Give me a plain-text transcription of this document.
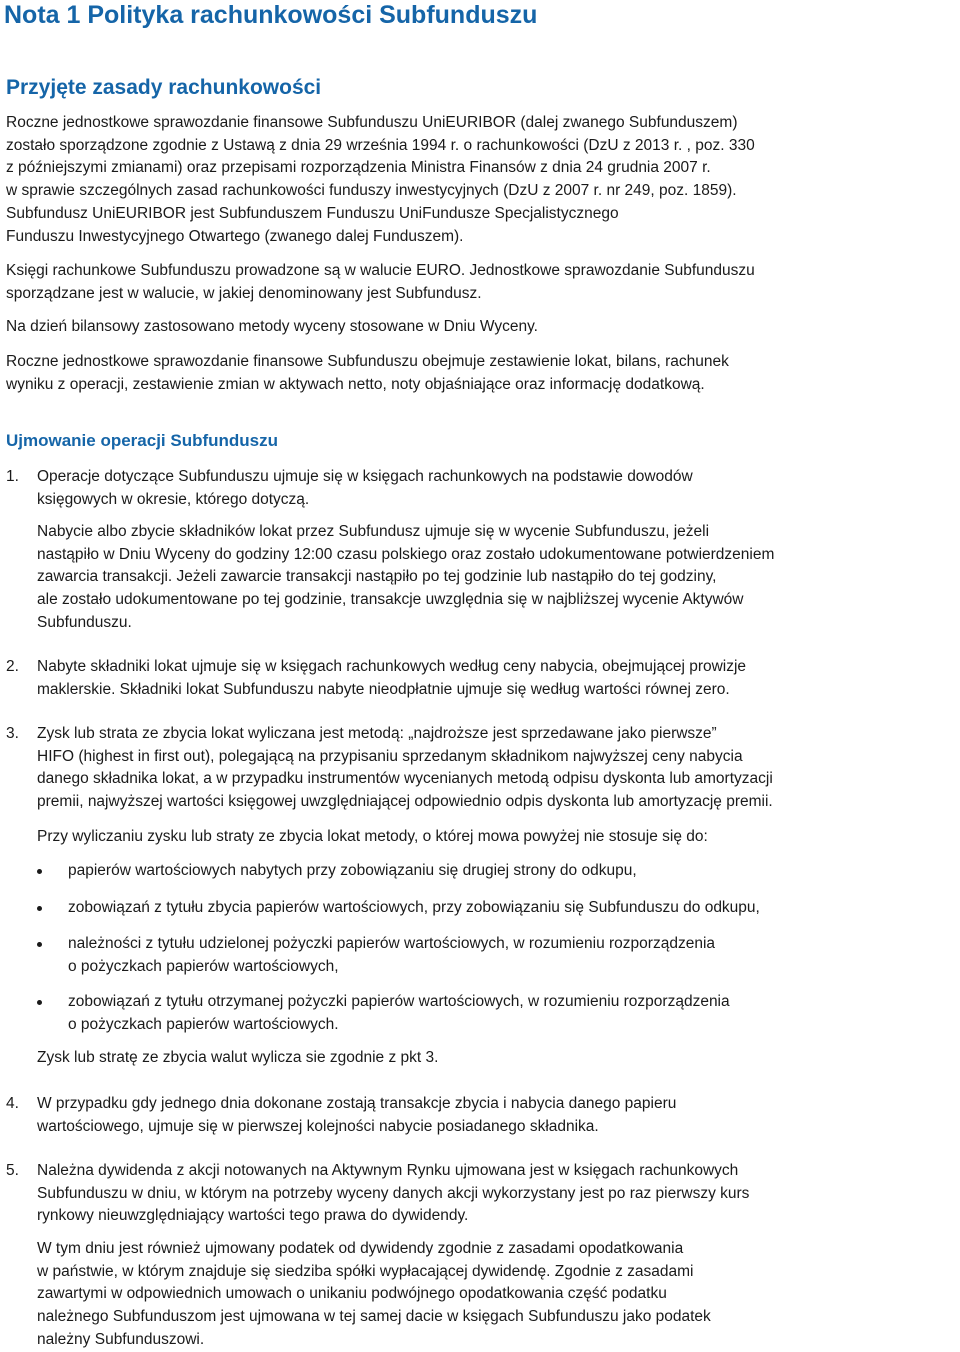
Nota 1 Polityka rachunkowości Subfunduszu
Przyjęte zasady rachunkowości

Roczne jednostkowe sprawozdanie finansowe Subfunduszu UniEURIBOR (dalej zwanego Subfunduszem)
zostało sporządzone zgodnie z Ustawą z dnia 29 września 1994 r. o rachunkowości (DzU z 2013 r. , poz. 330
z późniejszymi zmianami) oraz przepisami rozporządzenia Ministra Finansów z dnia 24 grudnia 2007 r.
w sprawie szczególnych zasad rachunkowości funduszy inwestycyjnych (DzU z 2007 r. nr 249, poz. 1859).
Subfundusz UniEURIBOR jest Subfunduszem Funduszu UniFundusze Specjalistycznego
Funduszu Inwestycyjnego Otwartego (zwanego dalej Funduszem).

Księgi rachunkowe Subfunduszu prowadzone są w walucie EURO. Jednostkowe sprawozdanie Subfunduszu
sporządzane jest w walucie, w jakiej denominowany jest Subfundusz.

Na dzień bilansowy zastosowano metody wyceny stosowane w Dniu Wyceny.

Roczne jednostkowe sprawozdanie finansowe Subfunduszu obejmuje zestawienie lokat, bilans, rachunek
wyniku z operacji, zestawienie zmian w aktywach netto, noty objaśniające oraz informację dodatkową.

Ujmowanie operacji Subfunduszu
1. Operacje dotyczące Subfunduszu ujmuje się w księgach rachunkowych na podstawie dowodów
księgowych w okresie, którego dotyczą.

Nabycie albo zbycie składników lokat przez Subfundusz ujmuje się w wycenie Subfunduszu, jeżeli
nastąpiło w Dniu Wyceny do godziny 12:00 czasu polskiego oraz zostało udokumentowane potwierdzeniem
zawarcia transakcji. Jeżeli zawarcie transakcji nastąpiło po tej godzinie lub nastąpiło do tej godziny,
ale zostało udokumentowane po tej godzinie, transakcje uwzględnia się w najbliższej wycenie Aktywów
Subfunduszu.

2. Nabyte składniki lokat ujmuje się w księgach rachunkowych według ceny nabycia, obejmującej prowizje
maklerskie. Składniki lokat Subfunduszu nabyte nieodpłatnie ujmuje się według wartości równej zero.

3. Zysk lub strata ze zbycia lokat wyliczana jest metodą: „najdroższe jest sprzedawane jako pierwsze”
HIFO (highest in first out), polegającą na przypisaniu sprzedanym składnikom najwyższej ceny nabycia
danego składnika lokat, a w przypadku instrumentów wycenianych metodą odpisu dyskonta lub amortyzacji
premii, najwyższej wartości księgowej uwzględniającej odpowiednio odpis dyskonta lub amortyzację premii.

Przy wyliczaniu zysku lub straty ze zbycia lokat metody, o której mowa powyżej nie stosuje się do:

papierów wartościowych nabytych przy zobowiązaniu się drugiej strony do odkupu,

zobowiązań z tytułu zbycia papierów wartościowych, przy zobowiązaniu się Subfunduszu do odkupu,

należności z tytułu udzielonej pożyczki papierów wartościowych, w rozumieniu rozporządzenia
o pożyczkach papierów wartościowych,

zobowiązań z tytułu otrzymanej pożyczki papierów wartościowych, w rozumieniu rozporządzenia
o pożyczkach papierów wartościowych.

Zysk lub stratę ze zbycia walut wylicza sie zgodnie z pkt 3.

4. W przypadku gdy jednego dnia dokonane zostają transakcje zbycia i nabycia danego papieru
wartościowego, ujmuje się w pierwszej kolejności nabycie posiadanego składnika.

5. Należna dywidenda z akcji notowanych na Aktywnym Rynku ujmowana jest w księgach rachunkowych
Subfunduszu w dniu, w którym na potrzeby wyceny danych akcji wykorzystany jest po raz pierwszy kurs
rynkowy nieuwzględniający wartości tego prawa do dywidendy.

W tym dniu jest również ujmowany podatek od dywidendy zgodnie z zasadami opodatkowania
w państwie, w którym znajduje się siedziba spółki wypłacającej dywidendę. Zgodnie z zasadami
zawartymi w odpowiednich umowach o unikaniu podwójnego opodatkowania część podatku
należnego Subfunduszom jest ujmowana w tej samej dacie w księgach Subfunduszu jako podatek
należny Subfunduszowi.
